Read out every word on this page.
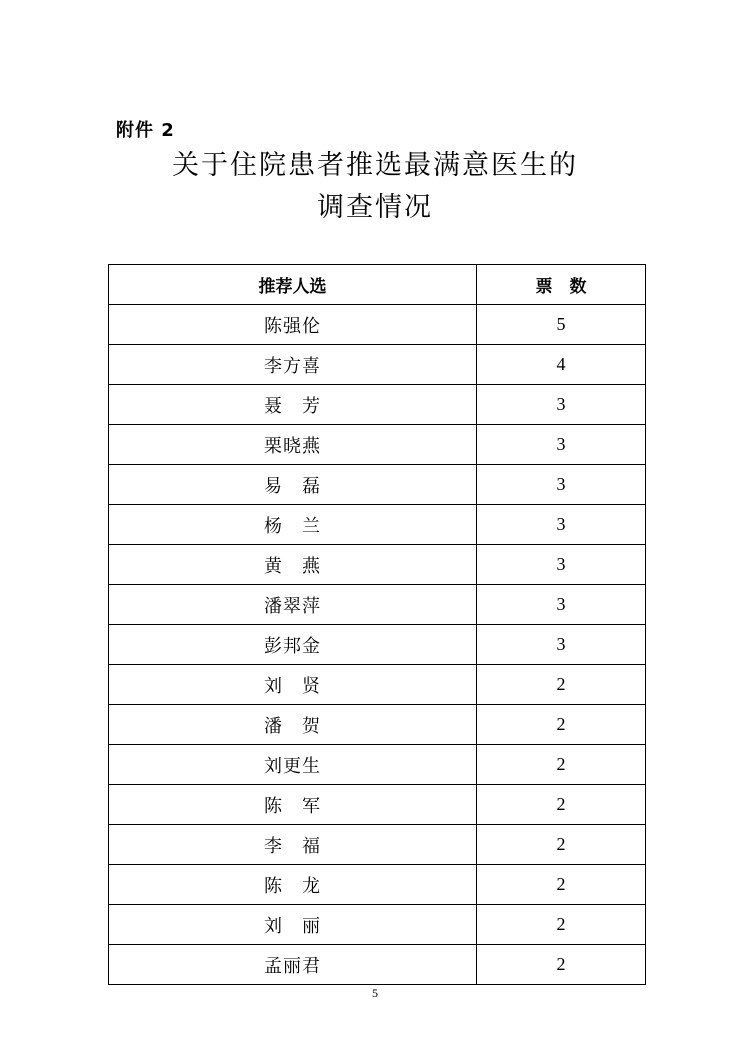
附件 2
关于住院患者推选最满意医生的
调查情况
推荐人选	票　数
陈强伦	5
李方喜	4
聂　芳	3
栗晓燕	3
易　磊	3
杨　兰	3
黄　燕	3
潘翠萍	3
彭邦金	3
刘　贤	2
潘　贺	2
刘更生	2
陈　军	2
李　福	2
陈　龙	2
刘　丽	2
孟丽君	2
5
